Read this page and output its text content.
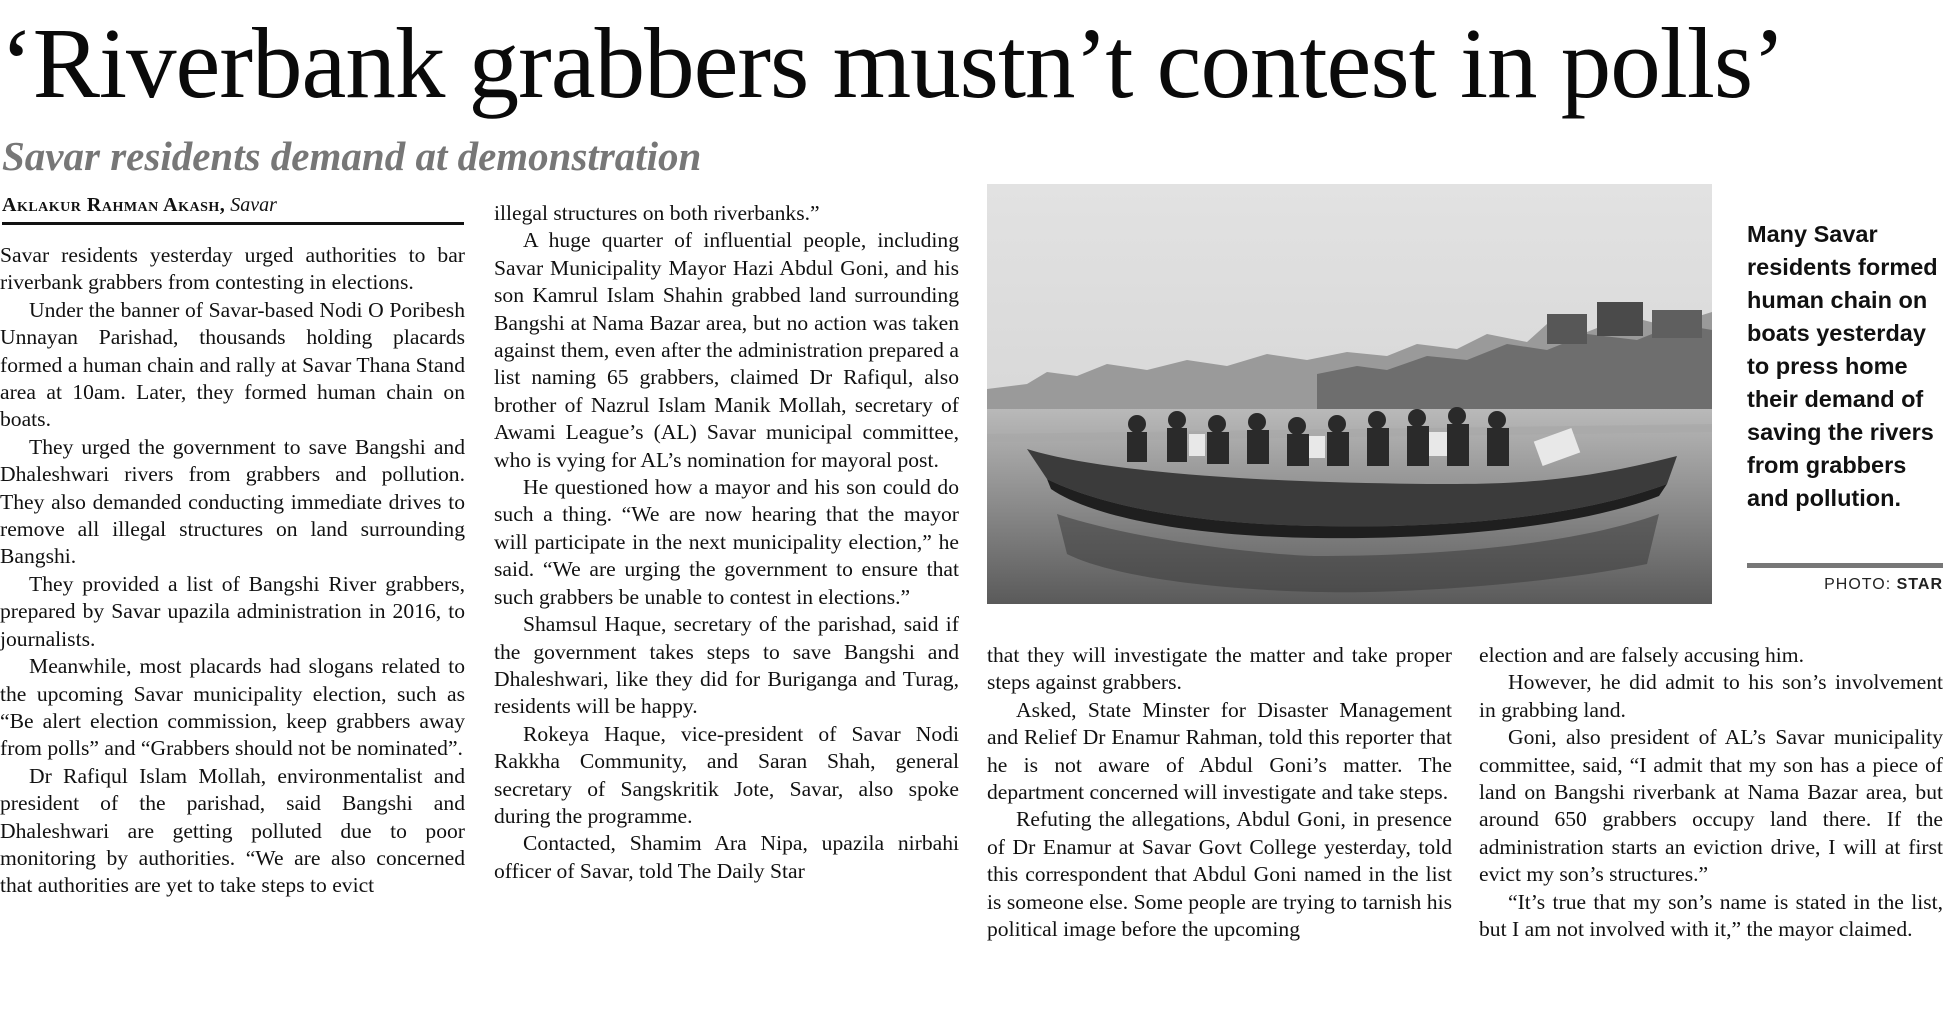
‘Riverbank grabbers mustn’t contest in polls’
Savar residents demand at demonstration
Aklakur Rahman Akash, Savar

Savar residents yesterday urged authorities to bar riverbank grabbers from contesting in elections.

Under the banner of Savar-based Nodi O Poribesh Unnayan Parishad, thousands holding placards formed a human chain and rally at Savar Thana Stand area at 10am. Later, they formed human chain on boats.

They urged the government to save Bangshi and Dhaleshwari rivers from grabbers and pollution. They also demanded conducting immediate drives to remove all illegal structures on land surrounding Bangshi.

They provided a list of Bangshi River grabbers, prepared by Savar upazila administration in 2016, to journalists.

Meanwhile, most placards had slogans related to the upcoming Savar municipality election, such as “Be alert election commission, keep grabbers away from polls” and “Grabbers should not be nominated”.

Dr Rafiqul Islam Mollah, environmentalist and president of the parishad, said Bangshi and Dhaleshwari are getting polluted due to poor monitoring by authorities. “We are also concerned that authorities are yet to take steps to evict

illegal structures on both riverbanks.”

A huge quarter of influential people, including Savar Municipality Mayor Hazi Abdul Goni, and his son Kamrul Islam Shahin grabbed land surrounding Bangshi at Nama Bazar area, but no action was taken against them, even after the administration prepared a list naming 65 grabbers, claimed Dr Rafiqul, also brother of Nazrul Islam Manik Mollah, secretary of Awami League’s (AL) Savar municipal committee, who is vying for AL’s nomination for mayoral post.

He questioned how a mayor and his son could do such a thing. “We are now hearing that the mayor will participate in the next municipality election,” he said. “We are urging the government to ensure that such grabbers be unable to contest in elections.”

Shamsul Haque, secretary of the parishad, said if the government takes steps to save Bangshi and Dhaleshwari, like they did for Buriganga and Turag, residents will be happy.

Rokeya Haque, vice-president of Savar Nodi Rakkha Community, and Saran Shah, general secretary of Sangskritik Jote, Savar, also spoke during the programme.

Contacted, Shamim Ara Nipa, upazila nirbahi officer of Savar, told The Daily Star

Many Savar residents formed human chain on boats yesterday to press home their demand of saving the rivers from grabbers and pollution.
PHOTO: STAR

that they will investigate the matter and take proper steps against grabbers.

Asked, State Minster for Disaster Management and Relief Dr Enamur Rahman, told this reporter that he is not aware of Abdul Goni’s matter. The department concerned will investigate and take steps.

Refuting the allegations, Abdul Goni, in presence of Dr Enamur at Savar Govt College yesterday, told this correspondent that Abdul Goni named in the list is someone else. Some people are trying to tarnish his political image before the upcoming

election and are falsely accusing him.

However, he did admit to his son’s involvement in grabbing land.

Goni, also president of AL’s Savar municipality committee, said, “I admit that my son has a piece of land on Bangshi riverbank at Nama Bazar area, but around 650 grabbers occupy land there. If the administration starts an eviction drive, I will at first evict my son’s structures.”

“It’s true that my son’s name is stated in the list, but I am not involved with it,” the mayor claimed.
